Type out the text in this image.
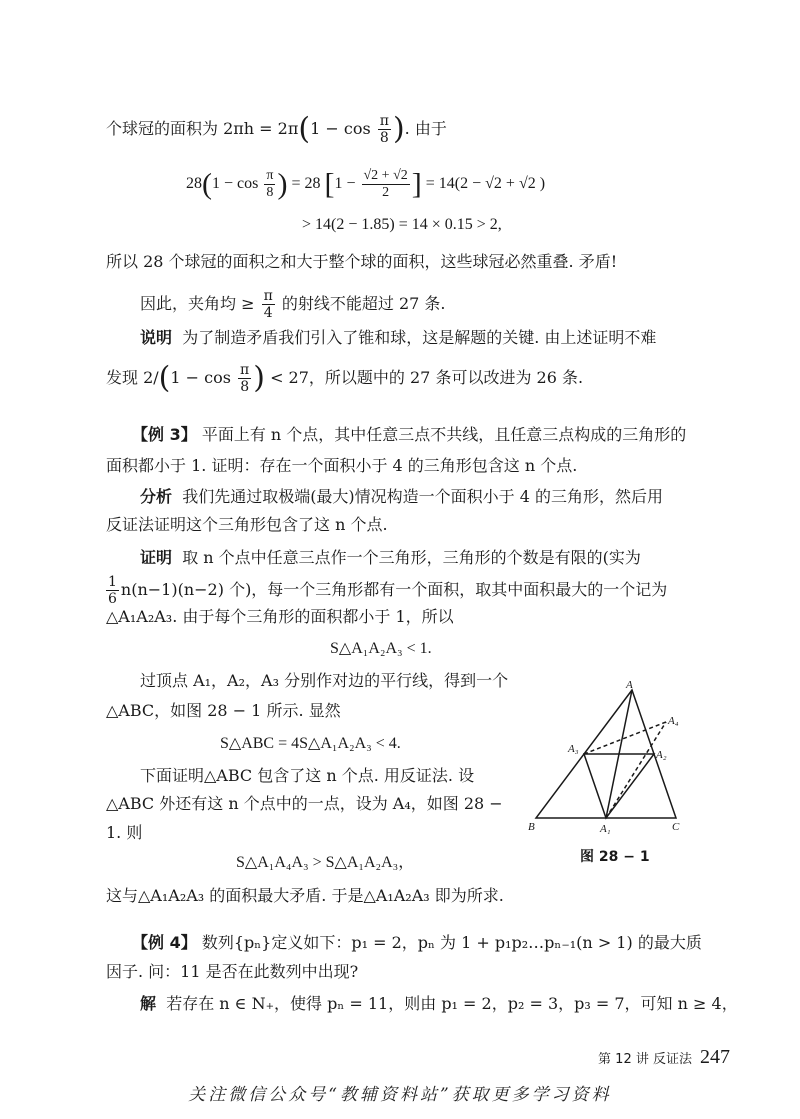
个球冠的面积为 $2\pi h = 2\pi(1 - \cos \frac{\pi}{8}$ ). 由于
$28(1 - \cos \frac{\pi}{8}$ ) = 28 [$1 - \frac{√2 + √2}{2}$ ] = 14(2 − √2 + √2 )
> 14(2 − 1.85) = 14 × 0.15 > 2,
所以 28 个球冠的面积之和大于整个球的面积，这些球冠必然重叠. 矛盾!
因此，夹角均 ≥ $\frac{\pi}{4}$ 的射线不能超过 27 条.
说明 为了制造矛盾我们引入了锥和球，这是解题的关键. 由上述证明不难
发现 $2/(1 - \cos \frac{\pi}{8}$ ) < 27，所以题中的 27 条可以改进为 26 条.
【例 3】 平面上有 n 个点，其中任意三点不共线，且任意三点构成的三角形的
面积都小于 1. 证明：存在一个面积小于 4 的三角形包含这 n 个点.
分析 我们先通过取极端(最大)情况构造一个面积小于 4 的三角形，然后用
反证法证明这个三角形包含了这 n 个点.
证明 取 n 个点中任意三点作一个三角形，三角形的个数是有限的(实为
$\frac{1}{6} n(n-1)(n-2)$ 个)，每一个三角形都有一个面积，取其中面积最大的一个记为
△A₁A₂A₃. 由于每个三角形的面积都小于 1，所以
S△A₁A₂A₃ < 1.
过顶点 A₁，A₂，A₃ 分别作对边的平行线，得到一个
△ABC，如图 28 − 1 所示. 显然
S△ABC = 4S△A₁A₂A₃ < 4.
下面证明△ABC 包含了这 n 个点. 用反证法. 设
△ABC 外还有这 n 个点中的一点，设为 A₄，如图 28 −
1. 则
S△A₁A₄A₃ > S△A₁A₂A₃，
这与△A₁A₂A₃ 的面积最大矛盾. 于是△A₁A₂A₃ 即为所求.
A
A₄
A₃	A₂
B	A₁	C
图 28 − 1
【例 4】 数列{pₙ}定义如下：p₁ = 2，pₙ 为 1 + p₁p₂…pₙ₋₁(n > 1) 的最大质
因子. 问：11 是否在此数列中出现?
解 若存在 n ∈ N₊，使得 pₙ = 11，则由 p₁ = 2，p₂ = 3，p₃ = 7，可知 n ≥ 4，
第 12 讲 反证法 247
关注微信公众号“教辅资料站”获取更多学习资料
